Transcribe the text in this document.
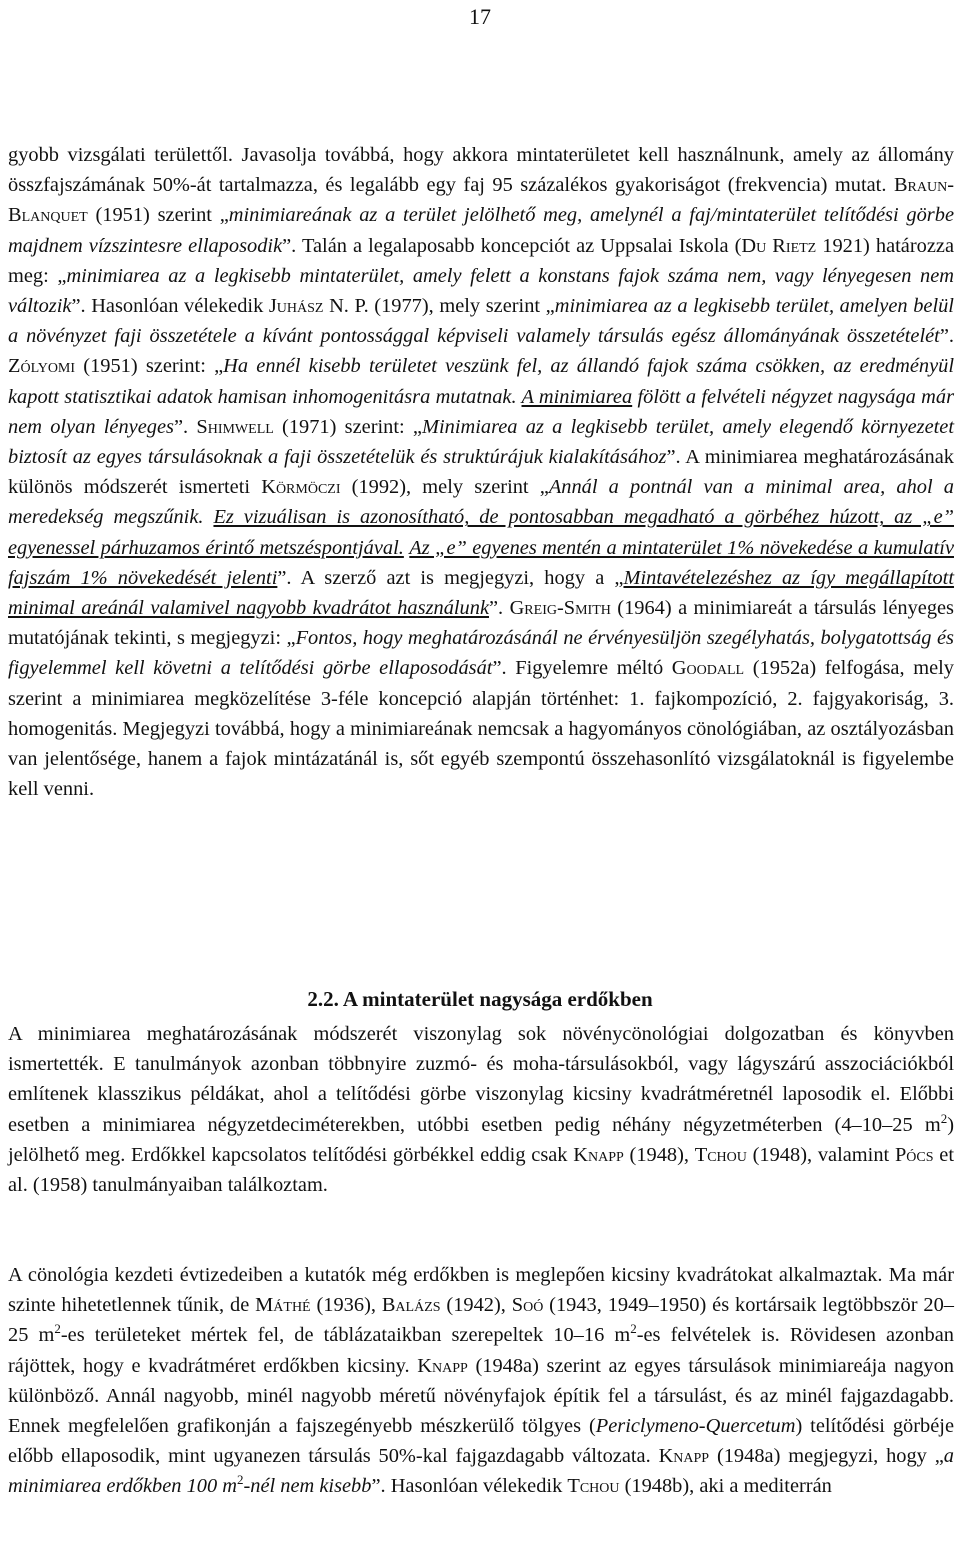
17

gyobb vizsgálati területtől. Javasolja továbbá, hogy akkora mintaterületet kell használnunk, amely az állomány összfajszámának 50%-át tartalmazza, és legalább egy faj 95 százalékos gyakoriságot (frekvencia) mutat. Braun-Blanquet (1951) szerint „minimiareának az a terület jelölhető meg, amelynél a faj/mintaterület telítődési görbe majdnem vízszintesre ellaposodik”. Talán a legalaposabb koncepciót az Uppsalai Iskola (Du Rietz 1921) határozza meg: „minimiarea az a legkisebb mintaterület, amely felett a konstans fajok száma nem, vagy lényegesen nem változik”. Hasonlóan vélekedik Juhász N. P. (1977), mely szerint „minimiarea az a legkisebb terület, amelyen belül a növényzet faji összetétele a kívánt pontossággal képviseli valamely társulás egész állományának összetételét”. Zólyomi (1951) szerint: „Ha ennél kisebb területet veszünk fel, az állandó fajok száma csökken, az eredményül kapott statisztikai adatok hamisan inhomogenitásra mutatnak. A minimiarea fölött a felvételi négyzet nagysága már nem olyan lényeges”. Shimwell (1971) szerint: „Minimiarea az a legkisebb terület, amely elegendő környezetet biztosít az egyes társulásoknak a faji összetételük és struktúrájuk kialakításához”. A minimiarea meghatározásának különös módszerét ismerteti Körmöczi (1992), mely szerint „Annál a pontnál van a minimal area, ahol a meredekség megszűnik. Ez vizuálisan is azonosítható, de pontosabban megadható a görbéhez húzott, az „e” egyenessel párhuzamos érintő metszéspontjával. Az „e” egyenes mentén a mintaterület 1% növekedése a kumulatív fajszám 1% növekedését jelenti”. A szerző azt is megjegyzi, hogy a „Mintavételezéshez az így megállapított minimal areánál valamivel nagyobb kvadrátot használunk”. Greig-Smith (1964) a minimiareát a társulás lényeges mutatójának tekinti, s megjegyzi: „Fontos, hogy meghatározásánál ne érvényesüljön szegélyhatás, bolygatottság és figyelemmel kell követni a telítődési görbe ellaposodását”. Figyelemre méltó Goodall (1952a) felfogása, mely szerint a minimiarea megközelítése 3-féle koncepció alapján történhet: 1. fajkompozíció, 2. fajgyakoriság, 3. homogenitás. Megjegyzi továbbá, hogy a minimiareának nemcsak a hagyományos cönológiában, az osztályozásban van jelentősége, hanem a fajok mintázatánál is, sőt egyéb szempontú összehasonlító vizsgálatoknál is figyelembe kell venni.

2.2. A mintaterület nagysága erdőkben

A minimiarea meghatározásának módszerét viszonylag sok növénycönológiai dolgozatban és könyvben ismertették. E tanulmányok azonban többnyire zuzmó- és moha-társulásokból, vagy lágyszárú asszociációkból említenek klasszikus példákat, ahol a telítődési görbe viszonylag kicsiny kvadrátméretnél laposodik el. Előbbi esetben a minimiarea négyzetdeciméterekben, utóbbi esetben pedig néhány négyzetméterben (4–10–25 $m^2$) jelölhető meg. Erdőkkel kapcsolatos telítődési görbékkel eddig csak Knapp (1948), Tchou (1948), valamint Pócs et al. (1958) tanulmányaiban találkoztam.

A cönológia kezdeti évtizedeiben a kutatók még erdőkben is meglepően kicsiny kvadrátokat alkalmaztak. Ma már szinte hihetetlennek tűnik, de Máthé (1936), Balázs (1942), Soó (1943, 1949–1950) és kortársaik legtöbbször 20–25 $m^2-es$ területeket mértek fel, de táblázataikban szerepeltek 10–16 $m^2-es$ felvételek is. Rövidesen azonban rájöttek, hogy e kvadrátméret erdőkben kicsiny. Knapp (1948a) szerint az egyes társulások minimiareája nagyon különböző. Annál nagyobb, minél nagyobb méretű növényfajok építik fel a társulást, és az minél fajgazdagabb. Ennek megfelelően grafikonján a fajszegényebb mészkerülő tölgyes (Periclymeno-Quercetum) telítődési görbéje előbb ellaposodik, mint ugyanezen társulás 50%-kal fajgazdagabb változata. Knapp (1948a) megjegyzi, hogy „a minimiarea erdőkben 100 $m^2$-nél nem kisebb”. Hasonlóan vélekedik Tchou (1948b), aki a mediterrán
